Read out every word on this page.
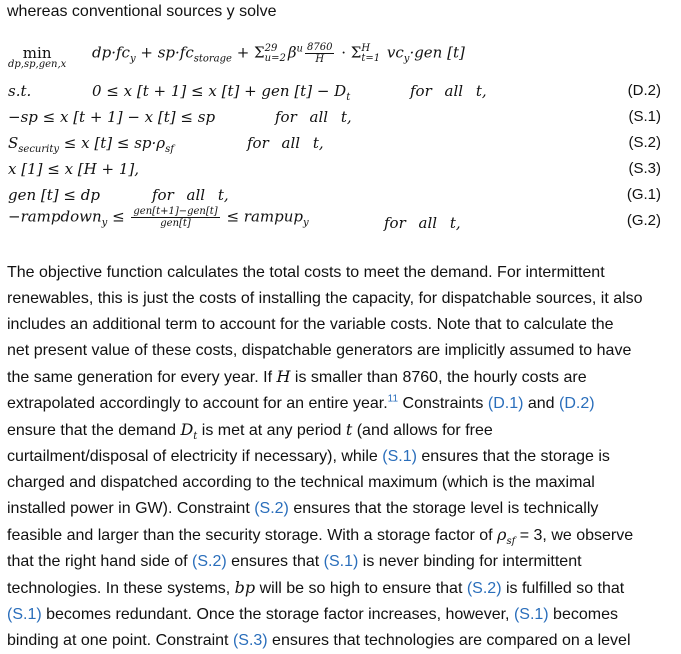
whereas conventional sources y solve
min
dp,sp,gen,x
$dp\cdot fc_y + sp\cdot fc_{storage} + \Sigma$ 29
u=2 $\beta^u \frac{8760}{H} \cdot \Sigma$ H
t=1 $vc_y\cdot gen$ [t]
s.t.	0 ≤ x [t + 1] ≤ x [t] + gen $[t] - D_t$	for all t,	(D.2)
−sp ≤ x [t + 1] − x [t] ≤ sp	for all t,	(S.1)
$S_{security} \le x$ $[t] \le sp\cdot\rho_{sf}$	for all t,	(S.2)
x [1] ≤ x [H + 1],	(S.3)
gen [t] ≤ dp	for all t,	(G.1)
−rampdown$_y$ ≤ $\frac{\text{gen[t+1]−gen[t]}}{\text{gen[t]}}$ ≤ rampup$_y$	for all t,	(G.2)
The objective function calculates the total costs to meet the demand. For intermittent
renewables, this is just the costs of installing the capacity, for dispatchable sources, it also
includes an additional term to account for the variable costs. Note that to calculate the
net present value of these costs, dispatchable generators are implicitly assumed to have
the same generation for every year. If H is smaller than 8760, the hourly costs are
extrapolated accordingly to account for an entire year.$^{11}$ Constraints (D.1) and (D.2)
ensure that the demand $D_t$ is met at any period t (and allows for free
curtailment/disposal of electricity if necessary), while (S.1) ensures that the storage is
charged and dispatched according to the technical maximum (which is the maximal
installed power in GW). Constraint (S.2) ensures that the storage level is technically
feasible and larger than the security storage. With a storage factor of $\rho_{sf} = 3$, we observe
that the right hand side of (S.2) ensures that (S.1) is never binding for intermittent
technologies. In these systems, bp will be so high to ensure that (S.2) is fulfilled so that
(S.1) becomes redundant. Once the storage factor increases, however, (S.1) becomes
binding at one point. Constraint (S.3) ensures that technologies are compared on a level
